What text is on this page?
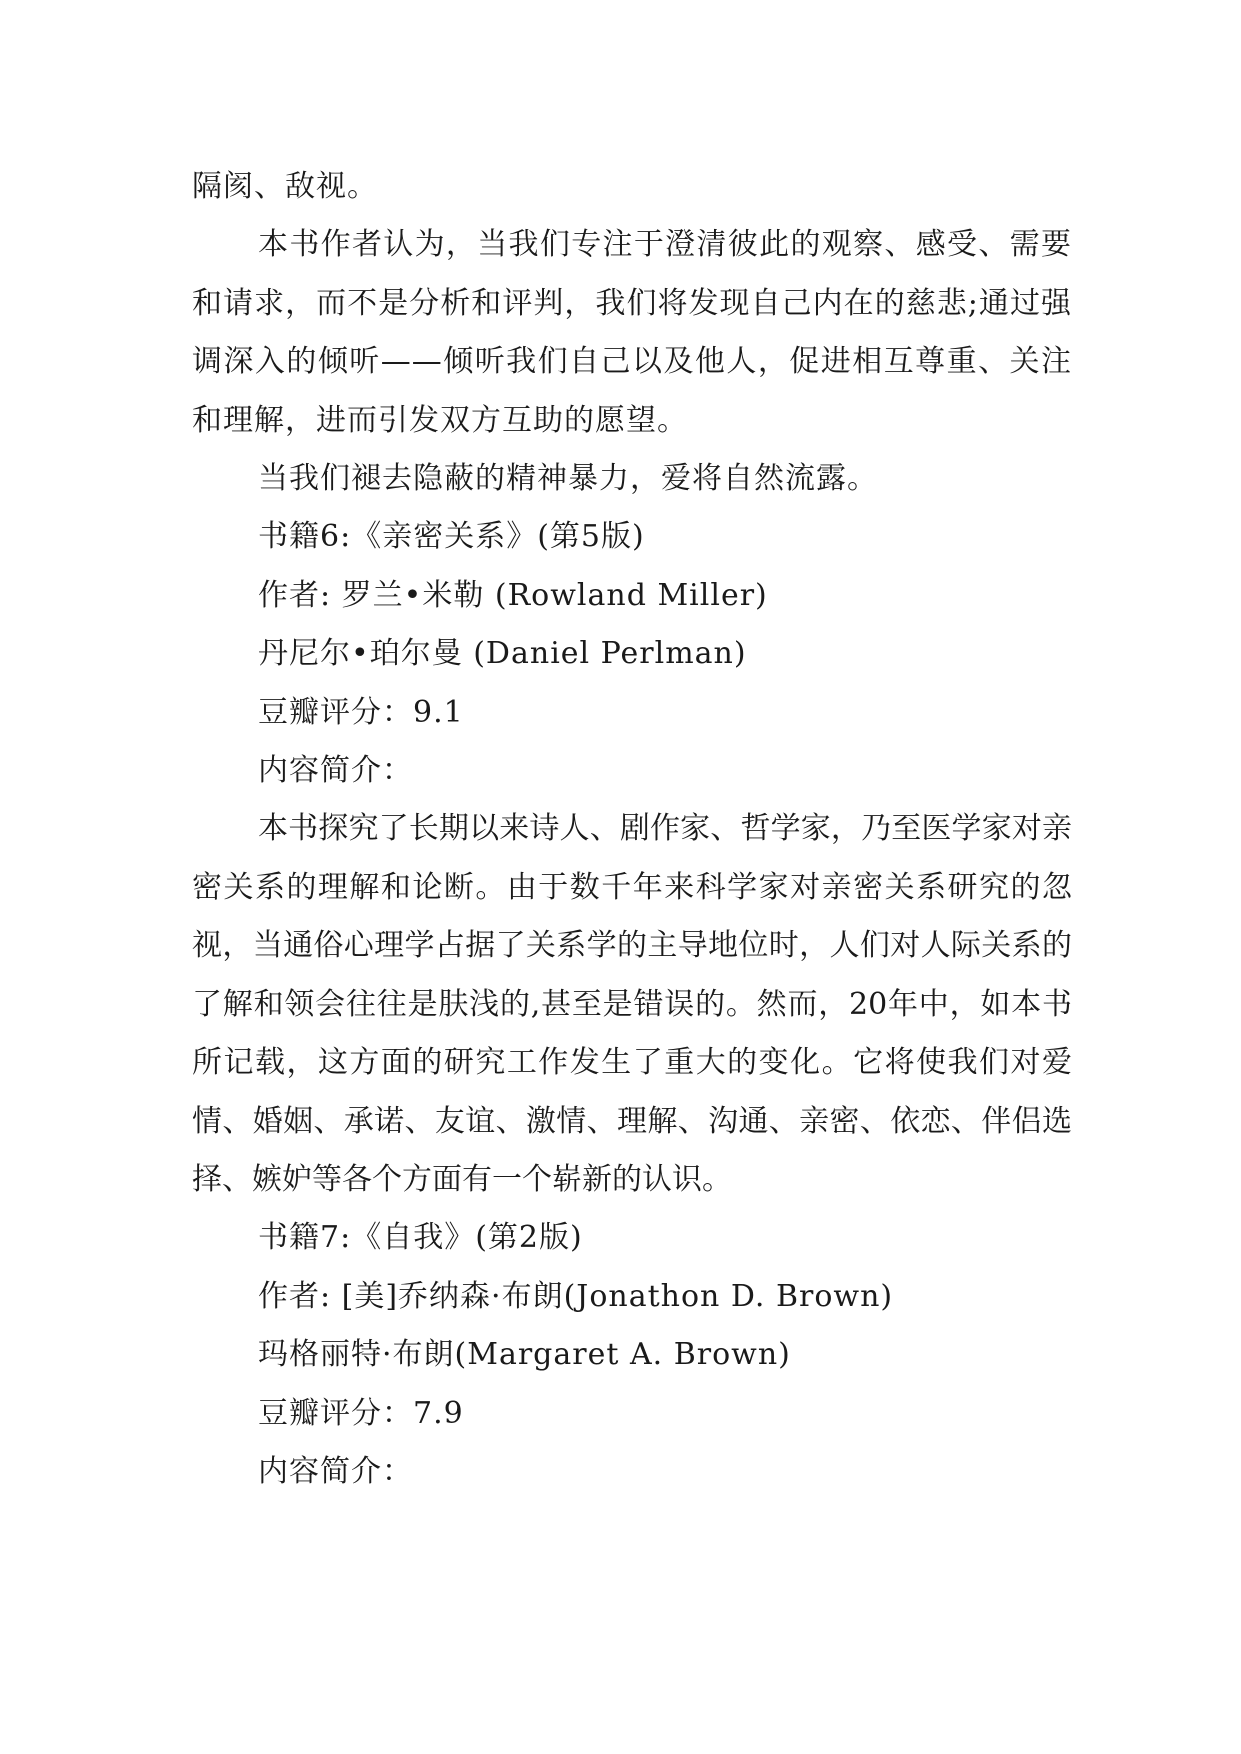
隔阂、敌视。

本书作者认为，当我们专注于澄清彼此的观察、感受、需要和请求，而不是分析和评判，我们将发现自己内在的慈悲;通过强调深入的倾听——倾听我们自己以及他人，促进相互尊重、关注和理解，进而引发双方互助的愿望。

当我们褪去隐蔽的精神暴力，爱将自然流露。

书籍6:《亲密关系》(第5版)

作者: 罗兰•米勒 (Rowland Miller)

丹尼尔•珀尔曼 (Daniel Perlman)

豆瓣评分：9.1

内容简介：

本书探究了长期以来诗人、剧作家、哲学家，乃至医学家对亲密关系的理解和论断。由于数千年来科学家对亲密关系研究的忽视，当通俗心理学占据了关系学的主导地位时，人们对人际关系的了解和领会往往是肤浅的,甚至是错误的。然而，20年中，如本书所记载，这方面的研究工作发生了重大的变化。它将使我们对爱情、婚姻、承诺、友谊、激情、理解、沟通、亲密、依恋、伴侣选择、嫉妒等各个方面有一个崭新的认识。

书籍7:《自我》(第2版)

作者: [美]乔纳森·布朗(Jonathon D. Brown)

玛格丽特·布朗(Margaret A. Brown)

豆瓣评分：7.9

内容简介：
